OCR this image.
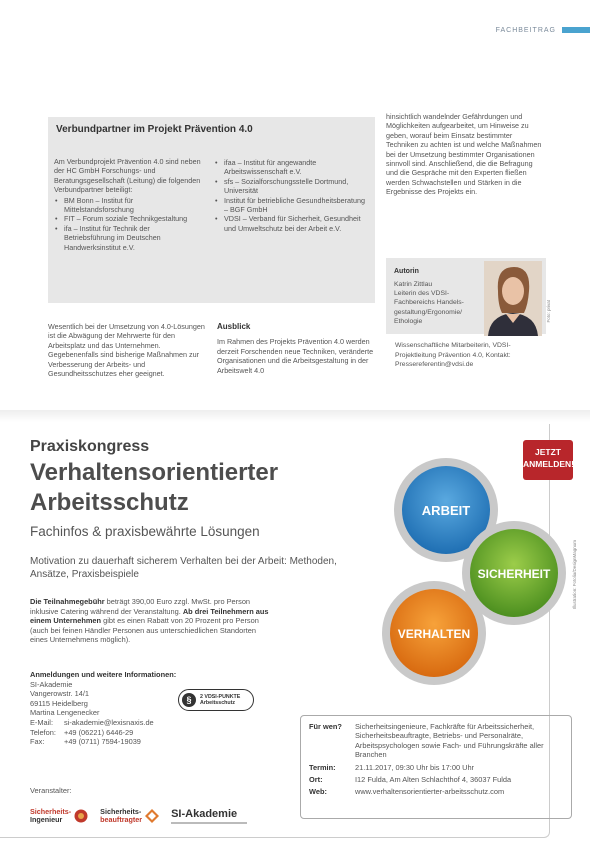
FACHBEITRAG
Verbundpartner im Projekt Prävention 4.0

Am Verbundprojekt Prävention 4.0 sind neben der HC GmbH Forschungs- und Beratungsgesellschaft (Leitung) die folgenden Verbundpartner beteiligt:

• BM Bonn – Institut für Mittelstandsforschung
• FIT – Forum soziale Technikgestaltung
• ifa – Institut für Technik der Betriebsführung im Deutschen Handwerksinstitut e.V.
• ifaa – Institut für angewandte Arbeitswissenschaft e.V.
• sfs – Sozialforschungsstelle Dortmund, Universität
• Institut für betriebliche Gesundheitsberatung – BGF GmbH
• VDSI – Verband für Sicherheit, Gesundheit und Umweltschutz bei der Arbeit e.V.
hinsichtlich wandelnder Gefährdungen und Möglichkeiten aufgearbeitet, um Hinweise zu geben, worauf beim Einsatz bestimmter Techniken zu achten ist und welche Maßnahmen bei der Umsetzung bestimmter Organisationen sinnvoll sind. Anschließend, die die Befragung und die Gespräche mit den Experten fließen werden Schwachstellen und Stärken in die Ergebnisse des Projekts ein.
Wesentlich bei der Umsetzung von 4.0-Lösungen ist die Abwägung der Mehrwerte für den Arbeitsplatz und das Unternehmen. Gegebenenfalls sind bisherige Maßnahmen zur Verbesserung der Arbeits- und Gesundheitsschutzes eher geeignet.
Ausblick

Im Rahmen des Projekts Prävention 4.0 werden derzeit Forschenden neue Techniken, veränderte Organisationen und die Arbeitsgestaltung in der Arbeitswelt 4.0

Autorin
Katrin Zittlau
Leiterin des VDSI-
Fachbereichs Handels-
gestaltung/Ergonomie/
Ethologie	Foto: privat
Wissenschaftliche Mitarbeiterin, VDSI-Projektleitung Prävention 4.0, Kontakt: Pressereferentin@vdsi.de
Praxiskongress
Verhaltensorientierter Arbeitsschutz
Fachinfos & praxisbewährte Lösungen
Motivation zu dauerhaft sicherem Verhalten bei der Arbeit: Methoden, Ansätze, Praxisbeispiele
Die Teilnahmegebühr beträgt 390,00 Euro zzgl. MwSt. pro Person inklusive Catering während der Veranstaltung. Ab drei Teilnehmern aus einem Unternehmen gibt es einen Rabatt von 20 Prozent pro Person (auch bei feinen Händler Personen aus unterschiedlichen Standorten eines Unternehmens möglich).
Anmeldungen und weitere Informationen:
SI-Akademie
Vangerowstr. 14/1
69115 Heidelberg
Martina Lengenecker
E-Mail:	si-akademie@lexisnaxis.de
Telefon:	+49 (06221) 6446-29
Fax:	+49 (0711) 7594-19039
§	2 VDSI-PUNKTE
Arbeitsschutz
Veranstalter:
Sicherheits-
Ingenieur
Sicherheits-
beauftragter	SI-Akademie
JETZT
ANMELDEN!
ARBEIT
SICHERHEIT
VERHALTEN
Illustration: Fotolia/DesignMagnum
Für wen?	Sicherheitsingenieure, Fachkräfte für Arbeitssicherheit, Sicherheitsbeauftragte, Betriebs- und Personalräte, Arbeitspsychologen sowie Fach- und Führungskräfte aller Branchen
Termin:	21.11.2017, 09:30 Uhr bis 17:00 Uhr
Ort:	I12 Fulda, Am Alten Schlachthof 4, 36037 Fulda
Web:	www.verhaltensorientierter-arbeitsschutz.com
